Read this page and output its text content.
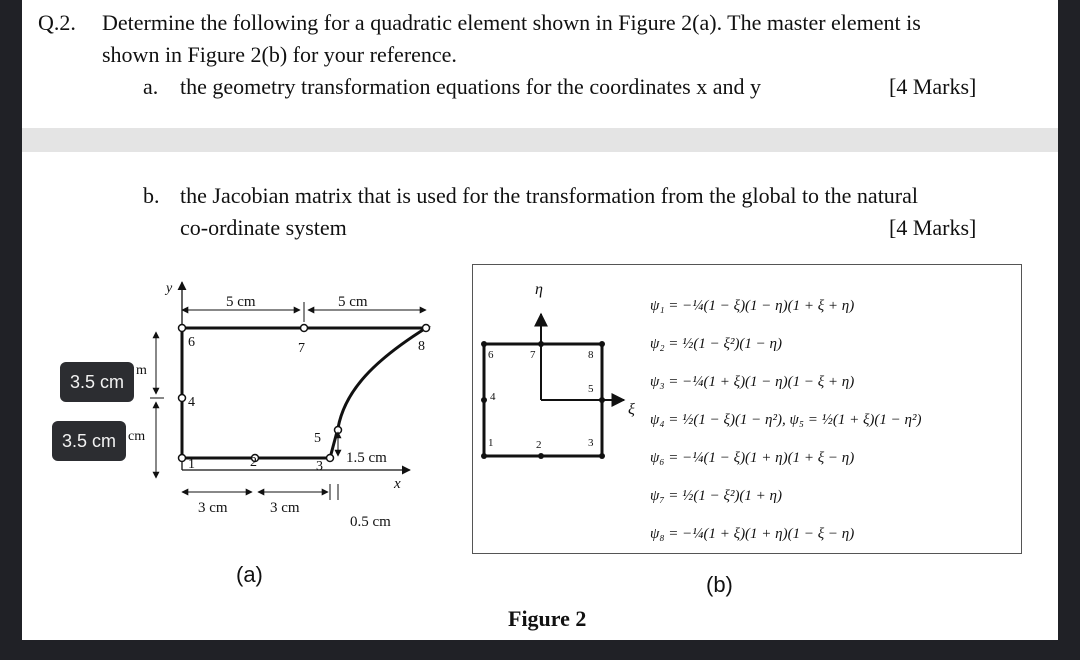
Q.2. Determine the following for a quadratic element shown in Figure 2(a). The master element is
shown in Figure 2(b) for your reference.
a. the geometry transformation equations for the coordinates x and y	[4 Marks]
b. the Jacobian matrix that is used for the transformation from the global to the natural
co-ordinate system	[4 Marks]
y
x
1	2	3
4
5
6	7	8
5 cm	5 cm
3 cm	3 cm
0.5 cm
1.5 cm
m
cm
η
ξ
1	2	3
4
5
6	7	8
ψ₁ = −¼(1 − ξ)(1 − η)(1 + ξ + η)
ψ₂ = ½(1 − ξ²)(1 − η)
ψ₃ = −¼(1 + ξ)(1 − η)(1 − ξ + η)
ψ₄ = ½(1 − ξ)(1 − η²), ψ₅ = ½(1 + ξ)(1 − η²)
ψ₆ = −¼(1 − ξ)(1 + η)(1 + ξ − η)
ψ₇ = ½(1 − ξ²)(1 + η)
ψ₈ = −¼(1 + ξ)(1 + η)(1 − ξ − η)
(a)	(b)
Figure 2
3.5 cm
3.5 cm
